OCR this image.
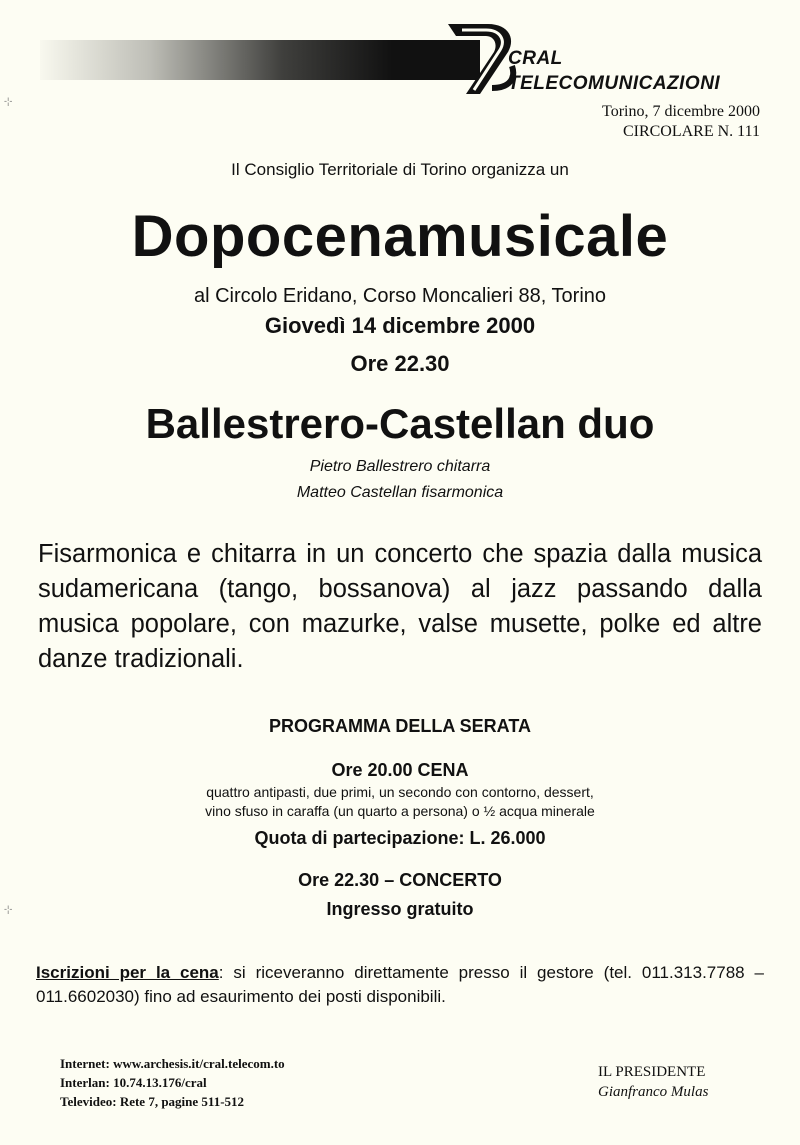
CRAL
TELECOMUNICAZIONI
Torino, 7 dicembre 2000
CIRCOLARE N. 111
Il Consiglio Territoriale di Torino organizza un
Dopocenamusicale
al Circolo Eridano, Corso Moncalieri 88, Torino
Giovedì 14 dicembre 2000
Ore 22.30
Ballestrero-Castellan duo
Pietro Ballestrero chitarra
Matteo Castellan fisarmonica
Fisarmonica e chitarra in un concerto che spazia dalla musica sudamericana (tango, bossanova) al jazz passando dalla musica popolare, con mazurke, valse musette, polke ed altre danze tradizionali.
PROGRAMMA DELLA SERATA
Ore 20.00 CENA
quattro antipasti, due primi, un secondo con contorno, dessert,
vino sfuso in caraffa (un quarto a persona) o ½ acqua minerale
Quota di partecipazione: L. 26.000
Ore 22.30 – CONCERTO
Ingresso gratuito
Iscrizioni per la cena: si riceveranno direttamente presso il gestore (tel. 011.313.7788 – 011.6602030) fino ad esaurimento dei posti disponibili.
Internet: www.archesis.it/cral.telecom.to
Interlan: 10.74.13.176/cral
Televideo: Rete 7, pagine 511-512
IL PRESIDENTE
Gianfranco Mulas
-¦-
-¦-
